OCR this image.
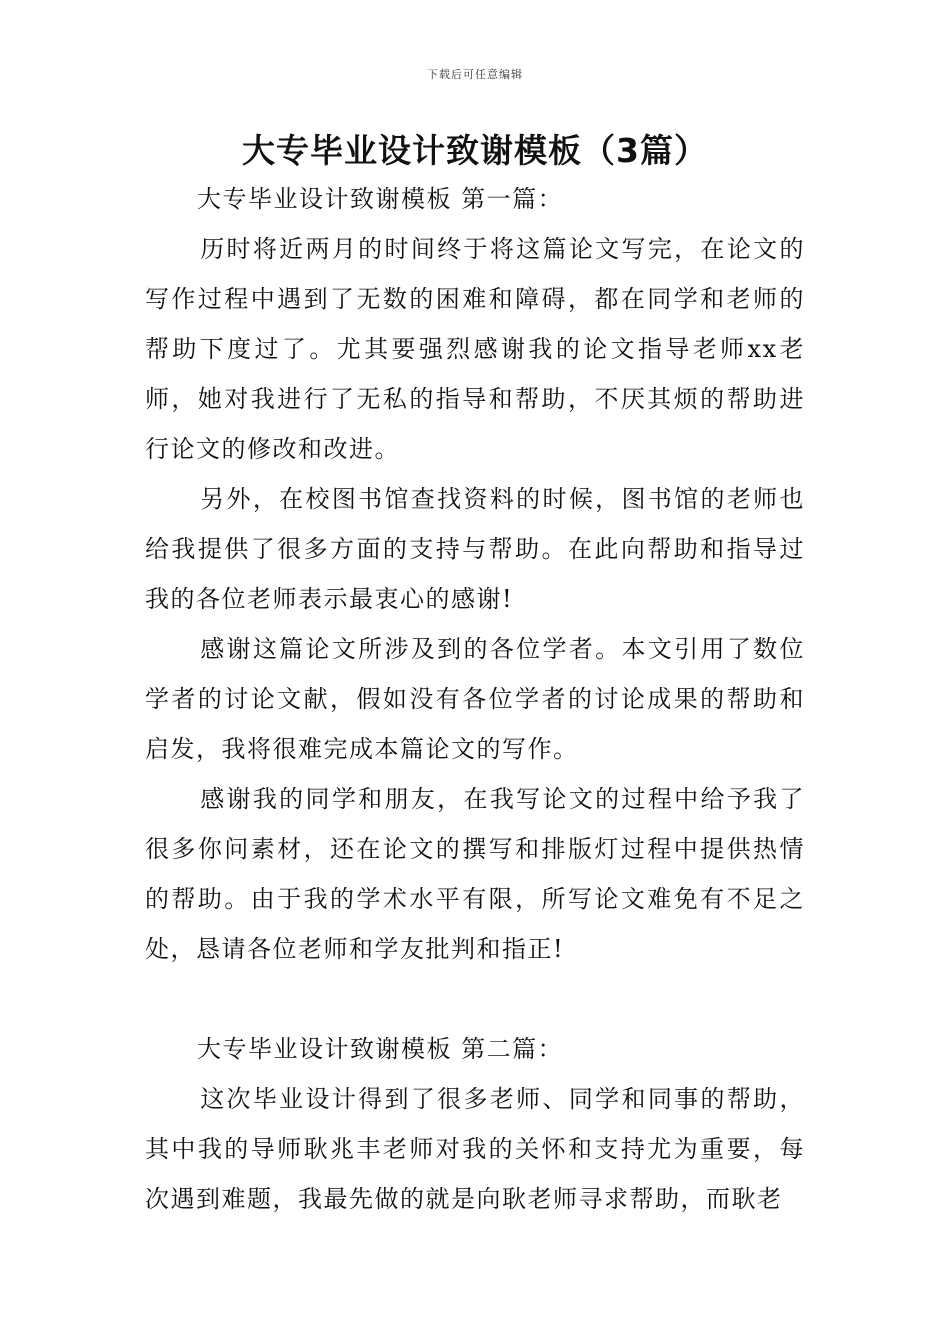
下载后可任意编辑
大专毕业设计致谢模板（3篇）
大专毕业设计致谢模板 第一篇：

历时将近两月的时间终于将这篇论文写完，在论文的写作过程中遇到了无数的困难和障碍，都在同学和老师的帮助下度过了。尤其要强烈感谢我的论文指导老师xx老师，她对我进行了无私的指导和帮助，不厌其烦的帮助进行论文的修改和改进。

另外，在校图书馆查找资料的时候，图书馆的老师也给我提供了很多方面的支持与帮助。在此向帮助和指导过我的各位老师表示最衷心的感谢!

感谢这篇论文所涉及到的各位学者。本文引用了数位学者的讨论文献，假如没有各位学者的讨论成果的帮助和启发，我将很难完成本篇论文的写作。

感谢我的同学和朋友，在我写论文的过程中给予我了很多你问素材，还在论文的撰写和排版灯过程中提供热情的帮助。由于我的学术水平有限，所写论文难免有不足之处，恳请各位老师和学友批判和指正!

大专毕业设计致谢模板 第二篇：

这次毕业设计得到了很多老师、同学和同事的帮助，其中我的导师耿兆丰老师对我的关怀和支持尤为重要，每次遇到难题，我最先做的就是向耿老师寻求帮助，而耿老
